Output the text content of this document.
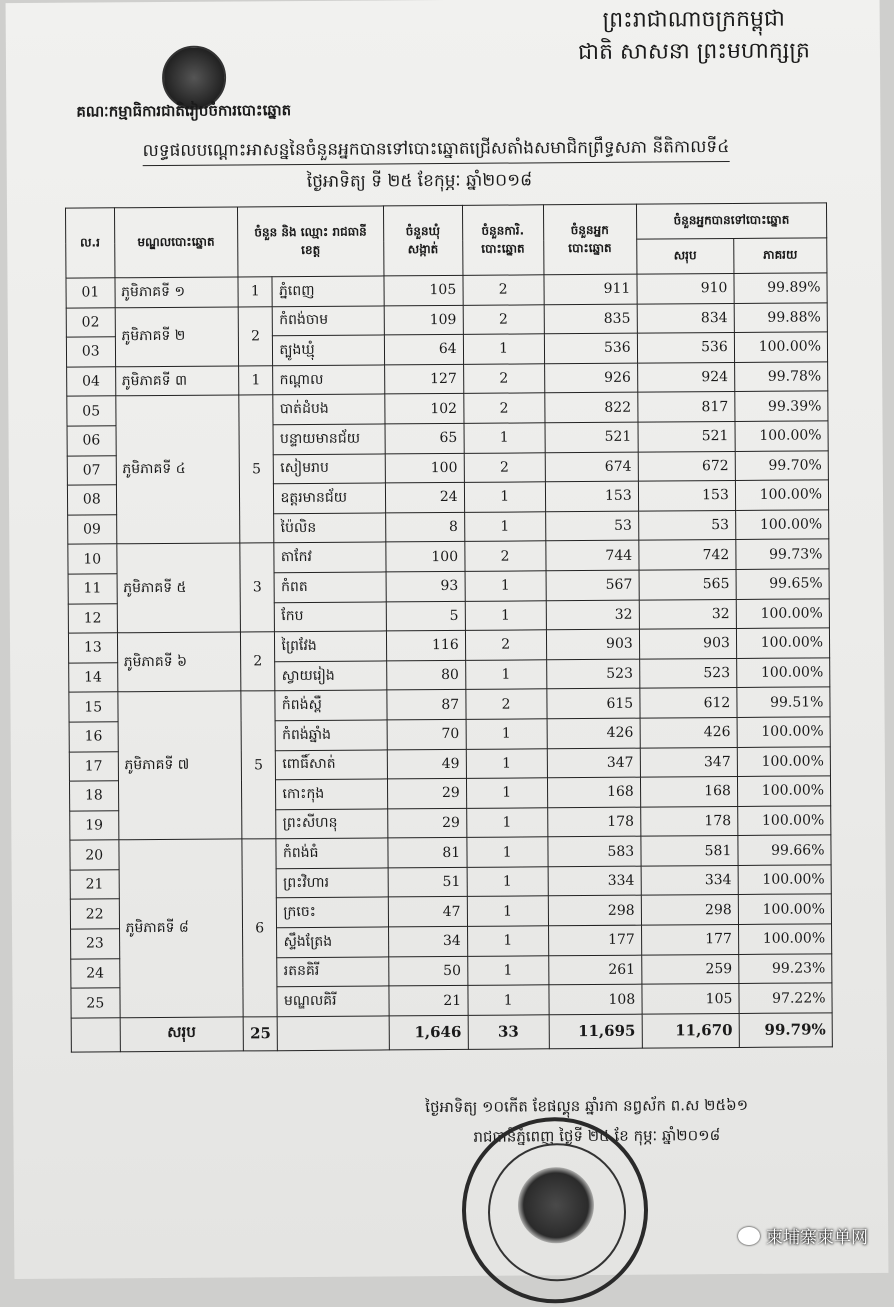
ព្រះរាជាណាចក្រកម្ពុជា
ជាតិ សាសនា ព្រះមហាក្សត្រ
គណៈកម្មាធិការជាតិរៀបចំការបោះឆ្នោត
លទ្ធផលបណ្តោះអាសន្ននៃចំនួនអ្នកបានទៅបោះឆ្នោតជ្រើសតាំងសមាជិកព្រឹទ្ធសភា នីតិកាលទី៤
ថ្ងៃអាទិត្យ ទី ២៥ ខែកុម្ភៈ ឆ្នាំ២០១៨
ល.រ	មណ្ឌលបោះឆ្នោត	ចំនួន និង ឈ្មោះ រាជធានី ខេត្ត		ចំនួនឃុំ សង្កាត់	ចំនួនការិ. បោះឆ្នោត	ចំនួនអ្នក បោះឆ្នោត	ចំនួនអ្នកបានទៅបោះឆ្នោត	
							សរុប	ភាគរយ
01	ភូមិភាគទី ១	1	ភ្នំពេញ	105	2	911	910	99.89%
02	ភូមិភាគទី ២	2	កំពង់ចាម	109	2	835	834	99.88%
03			ត្បូងឃ្មុំ	64	1	536	536	100.00%
04	ភូមិភាគទី ៣	1	កណ្តាល	127	2	926	924	99.78%
05	ភូមិភាគទី ៤	5	បាត់ដំបង	102	2	822	817	99.39%
06			បន្ទាយមានជ័យ	65	1	521	521	100.00%
07			សៀមរាប	100	2	674	672	99.70%
08			ឧត្តរមានជ័យ	24	1	153	153	100.00%
09			ប៉ៃលិន	8	1	53	53	100.00%
10	ភូមិភាគទី ៥	3	តាកែវ	100	2	744	742	99.73%
11			កំពត	93	1	567	565	99.65%
12			កែប	5	1	32	32	100.00%
13	ភូមិភាគទី ៦	2	ព្រៃវែង	116	2	903	903	100.00%
14			ស្វាយរៀង	80	1	523	523	100.00%
15	ភូមិភាគទី ៧	5	កំពង់ស្ពឺ	87	2	615	612	99.51%
16			កំពង់ឆ្នាំង	70	1	426	426	100.00%
17			ពោធិ៍សាត់	49	1	347	347	100.00%
18			កោះកុង	29	1	168	168	100.00%
19			ព្រះសីហនុ	29	1	178	178	100.00%
20	ភូមិភាគទី ៨	6	កំពង់ធំ	81	1	583	581	99.66%
21			ព្រះវិហារ	51	1	334	334	100.00%
22			ក្រចេះ	47	1	298	298	100.00%
23			ស្ទឹងត្រែង	34	1	177	177	100.00%
24			រតនគិរី	50	1	261	259	99.23%
25			មណ្ឌលគិរី	21	1	108	105	97.22%
	សរុប	25		1,646	33	11,695	11,670	99.79%
ថ្ងៃអាទិត្យ ១០កើត ខែផល្គុន ឆ្នាំរកា នព្វស័ក ព.ស ២៥៦១
រាជធានីភ្នំពេញ ថ្ងៃទី ២៥ ខែ កុម្ភៈ ឆ្នាំ២០១៨
柬埔寨柬单网
